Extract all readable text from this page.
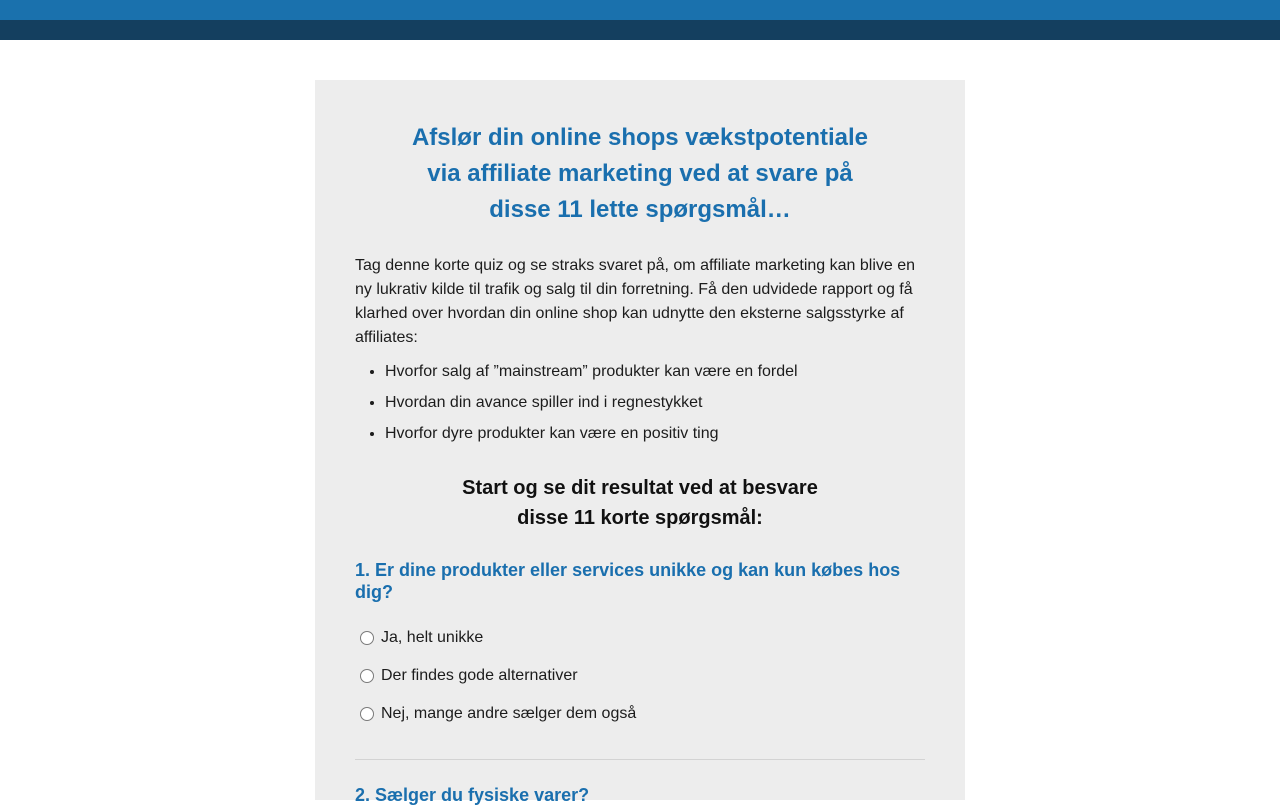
Afslør din online shops vækstpotentiale
via affiliate marketing ved at svare på
disse 11 lette spørgsmål…

Tag denne korte quiz og se straks svaret på, om affiliate marketing kan blive en ny lukrativ kilde til trafik og salg til din forretning. Få den udvidede rapport og få klarhed over hvordan din online shop kan udnytte den eksterne salgsstyrke af affiliates:

• Hvorfor salg af ”mainstream” produkter kan være en fordel
• Hvordan din avance spiller ind i regnestykket
• Hvorfor dyre produkter kan være en positiv ting
Start og se dit resultat ved at besvare
disse 11 korte spørgsmål:
1. Er dine produkter eller services unikke og kan kun købes hos dig?
Ja, helt unikke
Der findes gode alternativer
Nej, mange andre sælger dem også
2. Sælger du fysiske varer?
